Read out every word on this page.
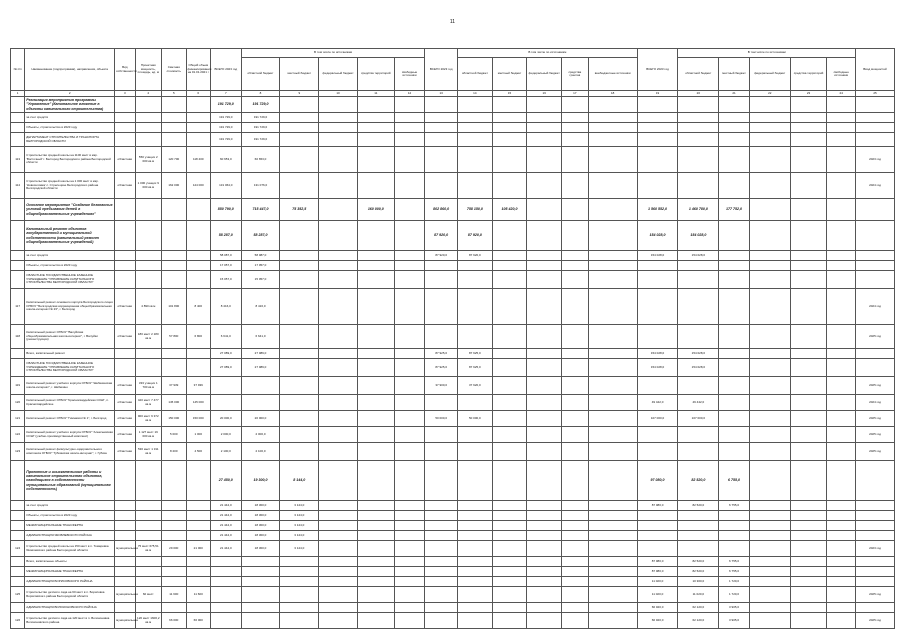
11
№ п/п	Наименование (подпрограмма), направления, объекта	Вид собственности	Проектная мощность, площадь, ед. м	Сметная стоимость	Общий объем финансирования на 01.01.2021 г	ВСЕГО 2023 год	В том числе по источникам					ВСЕГО 2023 год	В том числе по источникам					ВСЕГО 2023 год	В том числе по источникам					Ввод мощностей
							областной бюджет	местный бюджет	федеральный бюджет	средства территорий	свободные источники		областной бюджет	местный бюджет	федеральный бюджет	средства грантов	внебюджетные источники		областной бюджет	местный бюджет	федеральный бюджет	средства территорий	свободные источники	
1	2	3	4	5	6	7	8	9	10	11	12	13	14	15	16	17	18	19	20	21	22	23	24	25
	Реализация мероприятия программы "Управление" (Капитальное вложение в объекты капитального строительства)					191 729,0	191 729,0																	
	за счет средств					191 729,0	191 729,0																	
	Объекты, строительство в 2023 году					191 729,0	191 729,0																	
	ДЕПАРТАМЕНТ СТРОИТЕЛЬСТВА И ТРАНСПОРТА БЕЛГОРОДСКОЙ ОБЛАСТИ					191 729,0	191 729,0																	
113	Строительство средней школы на 1100 мест в мкр. 'Восточный' г. Белгород Белгородского района Белгородской области	областная	550 учащих 2 000 кв.м	120 700	118 400	60 653,0	60 653,0																	2023 год
114	Строительство средней школы на 1 000 мест в мкр. 'Новоселовка' с. Стрелецкое Белгородского района Белгородской области	областная	1 000 учащих 9 000 кв.м	162 000	124 000	131 064,0	131 076,0																	2024 год
	Основное мероприятие "Создание безопасных условий пребывания детей в общеобразовательных учреждениях"					850 790,0	715 447,0	75 352,5		160 000,0		802 860,0	758 150,0	105 420,0				1 560 552,0	1 460 780,0	177 752,0				
	Капитальный ремонт объектов государственной и муниципальной собственности (капитальный ремонт общеобразовательных учреждений)					58 287,0	58 287,0					87 920,0	87 920,0					154 028,0	154 028,0					
	за счет средств					58 087,0	58 087,0					87 920,0	87 920,0					154 028,0	154 028,0					
	Объекты, строительство в 2023 году					17 057,0	17 057,0																	
	ОБЛАСТНОЕ ГОСУДАРСТВЕННОЕ КАЗЕННОЕ УЧРЕЖДЕНИЕ "УПРАВЛЕНИЕ КАПИТАЛЬНОГО СТРОИТЕЛЬСТВА БЕЛГОРОДСКОЙ ОБЛАСТИ"					15 057,0	15 057,0																	
117	Капитальный ремонт основного корпуса Белгородского лицея ОГБОУ "Белгородская коррекционная общеобразовательная школа-интернат № 23", г. Белгород	областная	4 890 кв.м	101 800	8 400	8 416,0	8 416,0																	2024 год
118	Капитальный ремонт ОГБОУ "Валуйская общеобразовательная школа-интернат", г. Валуйки (реконструкция)	областная	180 мест 2 180 кв.м	57 800	6 800	6 641,0	6 641,0																	2025 год
	Всего, капитальный ремонт					27 089,0	27 089,0					87 925,0	87 925,0					154 028,0	154 028,0					
	ОБЛАСТНОЕ ГОСУДАРСТВЕННОЕ КАЗЕННОЕ УЧРЕЖДЕНИЕ "УПРАВЛЕНИЕ КАПИТАЛЬНОГО СТРОИТЕЛЬСТВА БЕЛГОРОДСКОЙ ОБЛАСТИ"					27 089,0	27 089,0					87 925,0	87 925,0					154 028,0	154 028,0					
119	Капитальный ремонт учебного корпуса ОГБОУ "Шебекинская школа-интернат", г. Шебекино	областная	333 учащих 1 700 кв.м	37 939	37 939							37 900,0	37 920,0											2025 год
120	Капитальный ремонт ОГБОУ "Красногвардейская СОШ", п. Красногвардейское	областная	420 мест 7 477 кв.м	145 000	145 000													49 442,0	49 442,0					2024 год
121	Капитальный ремонт ОГБОУ "Гимназия № 1", г. Белгород	областная	900 мест 9 372 кв.м	150 000	150 000	20 000,0	20 000,0					50 000,0	50 000,0					107 000,0	107 000,0					2025 год
122	Капитальный ремонт учебного корпуса ОГБОУ "Алексеевская СОШ" (учебно-производственный комплекс)	областная	1 127 мест 19 000 кв.м	5 000	1 000	2 000,0	2 000,0																	2025 год
123	Капитальный ремонт физкультурно-оздоровительного комплекса ОГБОУ "Губкинская школа-интернат", г. Губкин	областная	530 мест 1 311 кв.м	8 200	4 500	2 100,0	2 100,0																	2025 год
	Проектные и изыскательские работы и капитальное строительство объектов, находящихся в собственности муниципальных образований (муниципальная собственность)					27 450,0	19 300,0	8 144,0										97 080,0	82 520,0	6 755,0				
	за счет средств					21 444,0	18 300,0	3 144,0										87 080,0	82 520,0	6 755,0				
	Объекты, строительство в 2023 году					21 444,0	18 300,0	3 144,0																
	МЕЖМУНИЦИПАЛЬНЫЕ ТРАНСФЕРТЫ					21 444,0	18 300,0	3 144,0																
	АДМИНИСТРАЦИЯ ЯКОВЛЕВСКОГО РАЙОНА					21 444,0	18 300,0	3 144,0																
124	Строительство средней школы на 150 мест в п. Томаровка Яковлевского района Белгородской области	муниципальная	75 мест 675,51 кв.м	29 000	21 000	21 444,0	18 300,0	3 144,0																2023 год
	Всего, капитальные объекты																	87 080,0	82 520,0	6 755,0				
	МЕЖМУНИЦИПАЛЬНЫЕ ТРАНСФЕРТЫ																	87 080,0	82 520,0	6 755,0				
	АДМИНИСТРАЦИЯ БОРИСОВСКОГО РАЙОНА																	11 020,0	10 300,0	1 720,0				
125	Строительство детского сада на 60 мест в п. Борисовка Борисовского района Белгородской области	муниципальная	60 мест	11 600	11 600													11 020,0	11 020,0	1 720,0				2025 год
	АДМИНИСТРАЦИЯ ВОЛОКОНОВСКОГО РАЙОНА																	66 020,0	62 120,0	3 905,0				
126	Строительство детского сада на 120 мест в п. Волоконовка Волоконовского района	муниципальная	120 мест 1600,2 кв.м	66 000	66 000													66 020,0	62 120,0	3 905,0				2025 год
